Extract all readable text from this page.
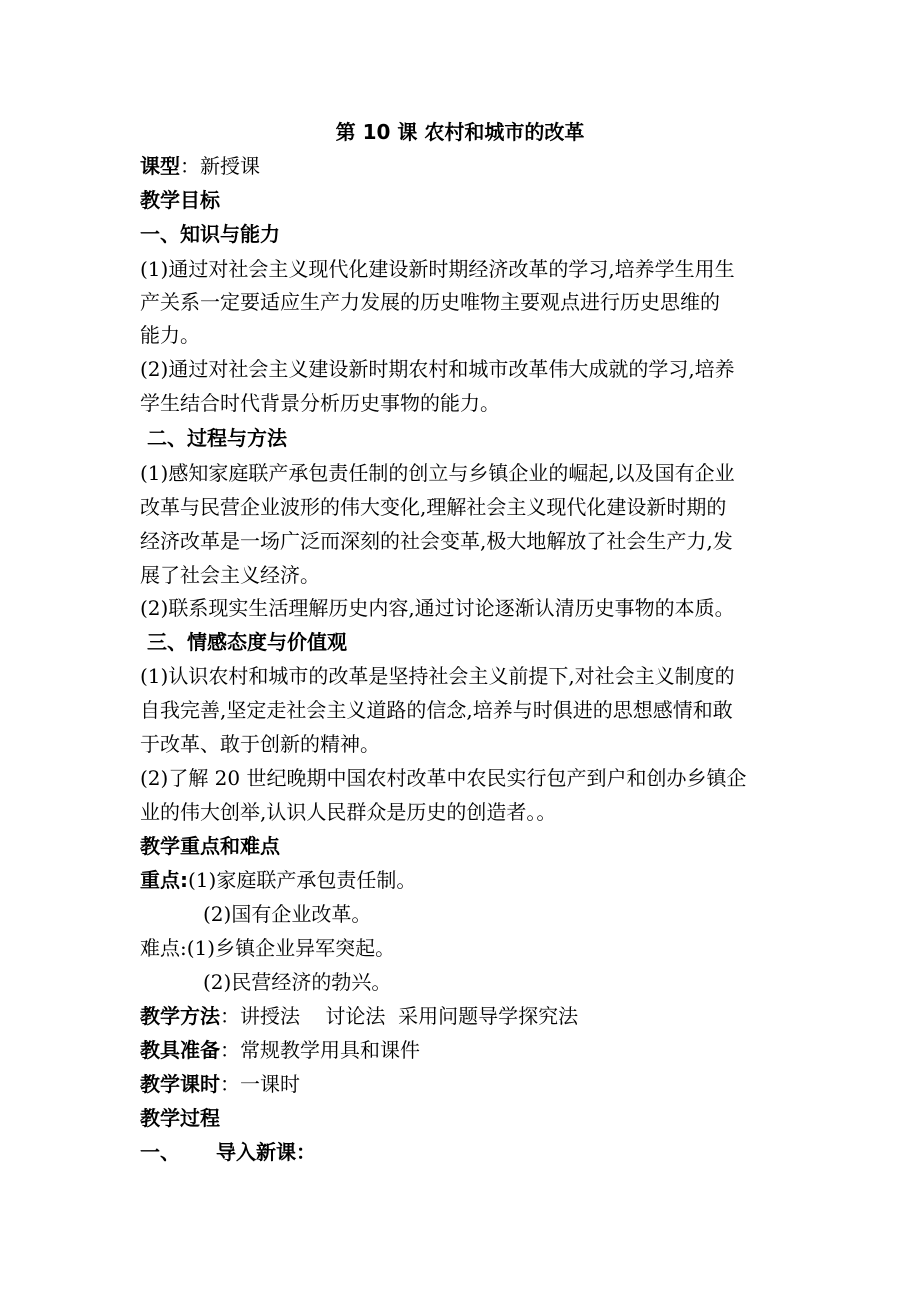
第 10 课 农村和城市的改革
课型：新授课
教学目标
一、知识与能力
(1)通过对社会主义现代化建设新时期经济改革的学习,培养学生用生
产关系一定要适应生产力发展的历史唯物主要观点进行历史思维的
能力。
(2)通过对社会主义建设新时期农村和城市改革伟大成就的学习,培养
学生结合时代背景分析历史事物的能力。
二、过程与方法
(1)感知家庭联产承包责任制的创立与乡镇企业的崛起,以及国有企业
改革与民营企业波形的伟大变化,理解社会主义现代化建设新时期的
经济改革是一场广泛而深刻的社会变革,极大地解放了社会生产力,发
展了社会主义经济。
(2)联系现实生活理解历史内容,通过讨论逐渐认清历史事物的本质。
三、情感态度与价值观
(1)认识农村和城市的改革是坚持社会主义前提下,对社会主义制度的
自我完善,坚定走社会主义道路的信念,培养与时俱进的思想感情和敢
于改革、敢于创新的精神。
(2)了解 20 世纪晚期中国农村改革中农民实行包产到户和创办乡镇企
业的伟大创举,认识人民群众是历史的创造者。。
教学重点和难点
重点:(1)家庭联产承包责任制。
(2)国有企业改革。
难点:(1)乡镇企业异军突起。
(2)民营经济的勃兴。
教学方法：讲授法    讨论法  采用问题导学探究法
教具准备：常规教学用具和课件
教学课时：一课时
教学过程
一、 导入新课：
